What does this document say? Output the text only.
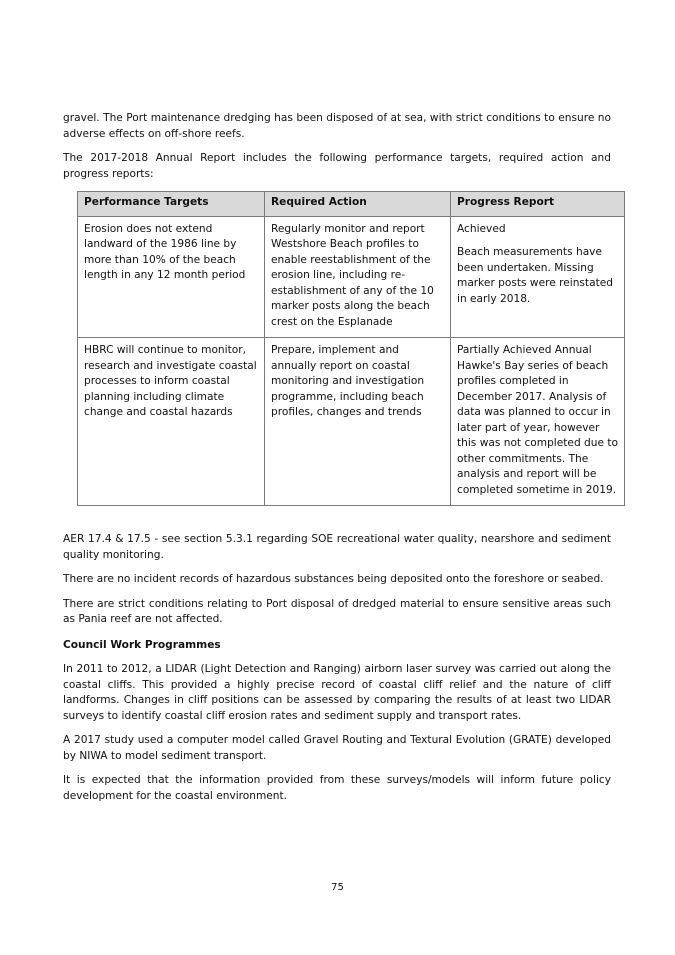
gravel. The Port maintenance dredging has been disposed of at sea, with strict conditions to ensure no adverse effects on off-shore reefs.

The 2017-2018 Annual Report includes the following performance targets, required action and progress reports:

Performance Targets	Required Action	Progress Report
Erosion does not extend landward of the 1986 line by more than 10% of the beach length in any 12 month period	Regularly monitor and report Westshore Beach profiles to enable reestablishment of the erosion line, including re-establishment of any of the 10 marker posts along the beach crest on the Esplanade	Achieved
Beach measurements have been undertaken. Missing marker posts were reinstated in early 2018.

HBRC will continue to monitor, research and investigate coastal processes to inform coastal planning including climate change and coastal hazards	Prepare, implement and annually report on coastal monitoring and investigation programme, including beach profiles, changes and trends	Partially Achieved Annual Hawke's Bay series of beach profiles completed in December 2017. Analysis of data was planned to occur in later part of year, however this was not completed due to other commitments. The analysis and report will be completed sometime in 2019.

AER 17.4 & 17.5 - see section 5.3.1 regarding SOE recreational water quality, nearshore and sediment quality monitoring.

There are no incident records of hazardous substances being deposited onto the foreshore or seabed.

There are strict conditions relating to Port disposal of dredged material to ensure sensitive areas such as Pania reef are not affected.

Council Work Programmes

In 2011 to 2012, a LIDAR (Light Detection and Ranging) airborn laser survey was carried out along the coastal cliffs. This provided a highly precise record of coastal cliff relief and the nature of cliff landforms. Changes in cliff positions can be assessed by comparing the results of at least two LIDAR surveys to identify coastal cliff erosion rates and sediment supply and transport rates.

A 2017 study used a computer model called Gravel Routing and Textural Evolution (GRATE) developed by NIWA to model sediment transport.

It is expected that the information provided from these surveys/models will inform future policy development for the coastal environment.

75
